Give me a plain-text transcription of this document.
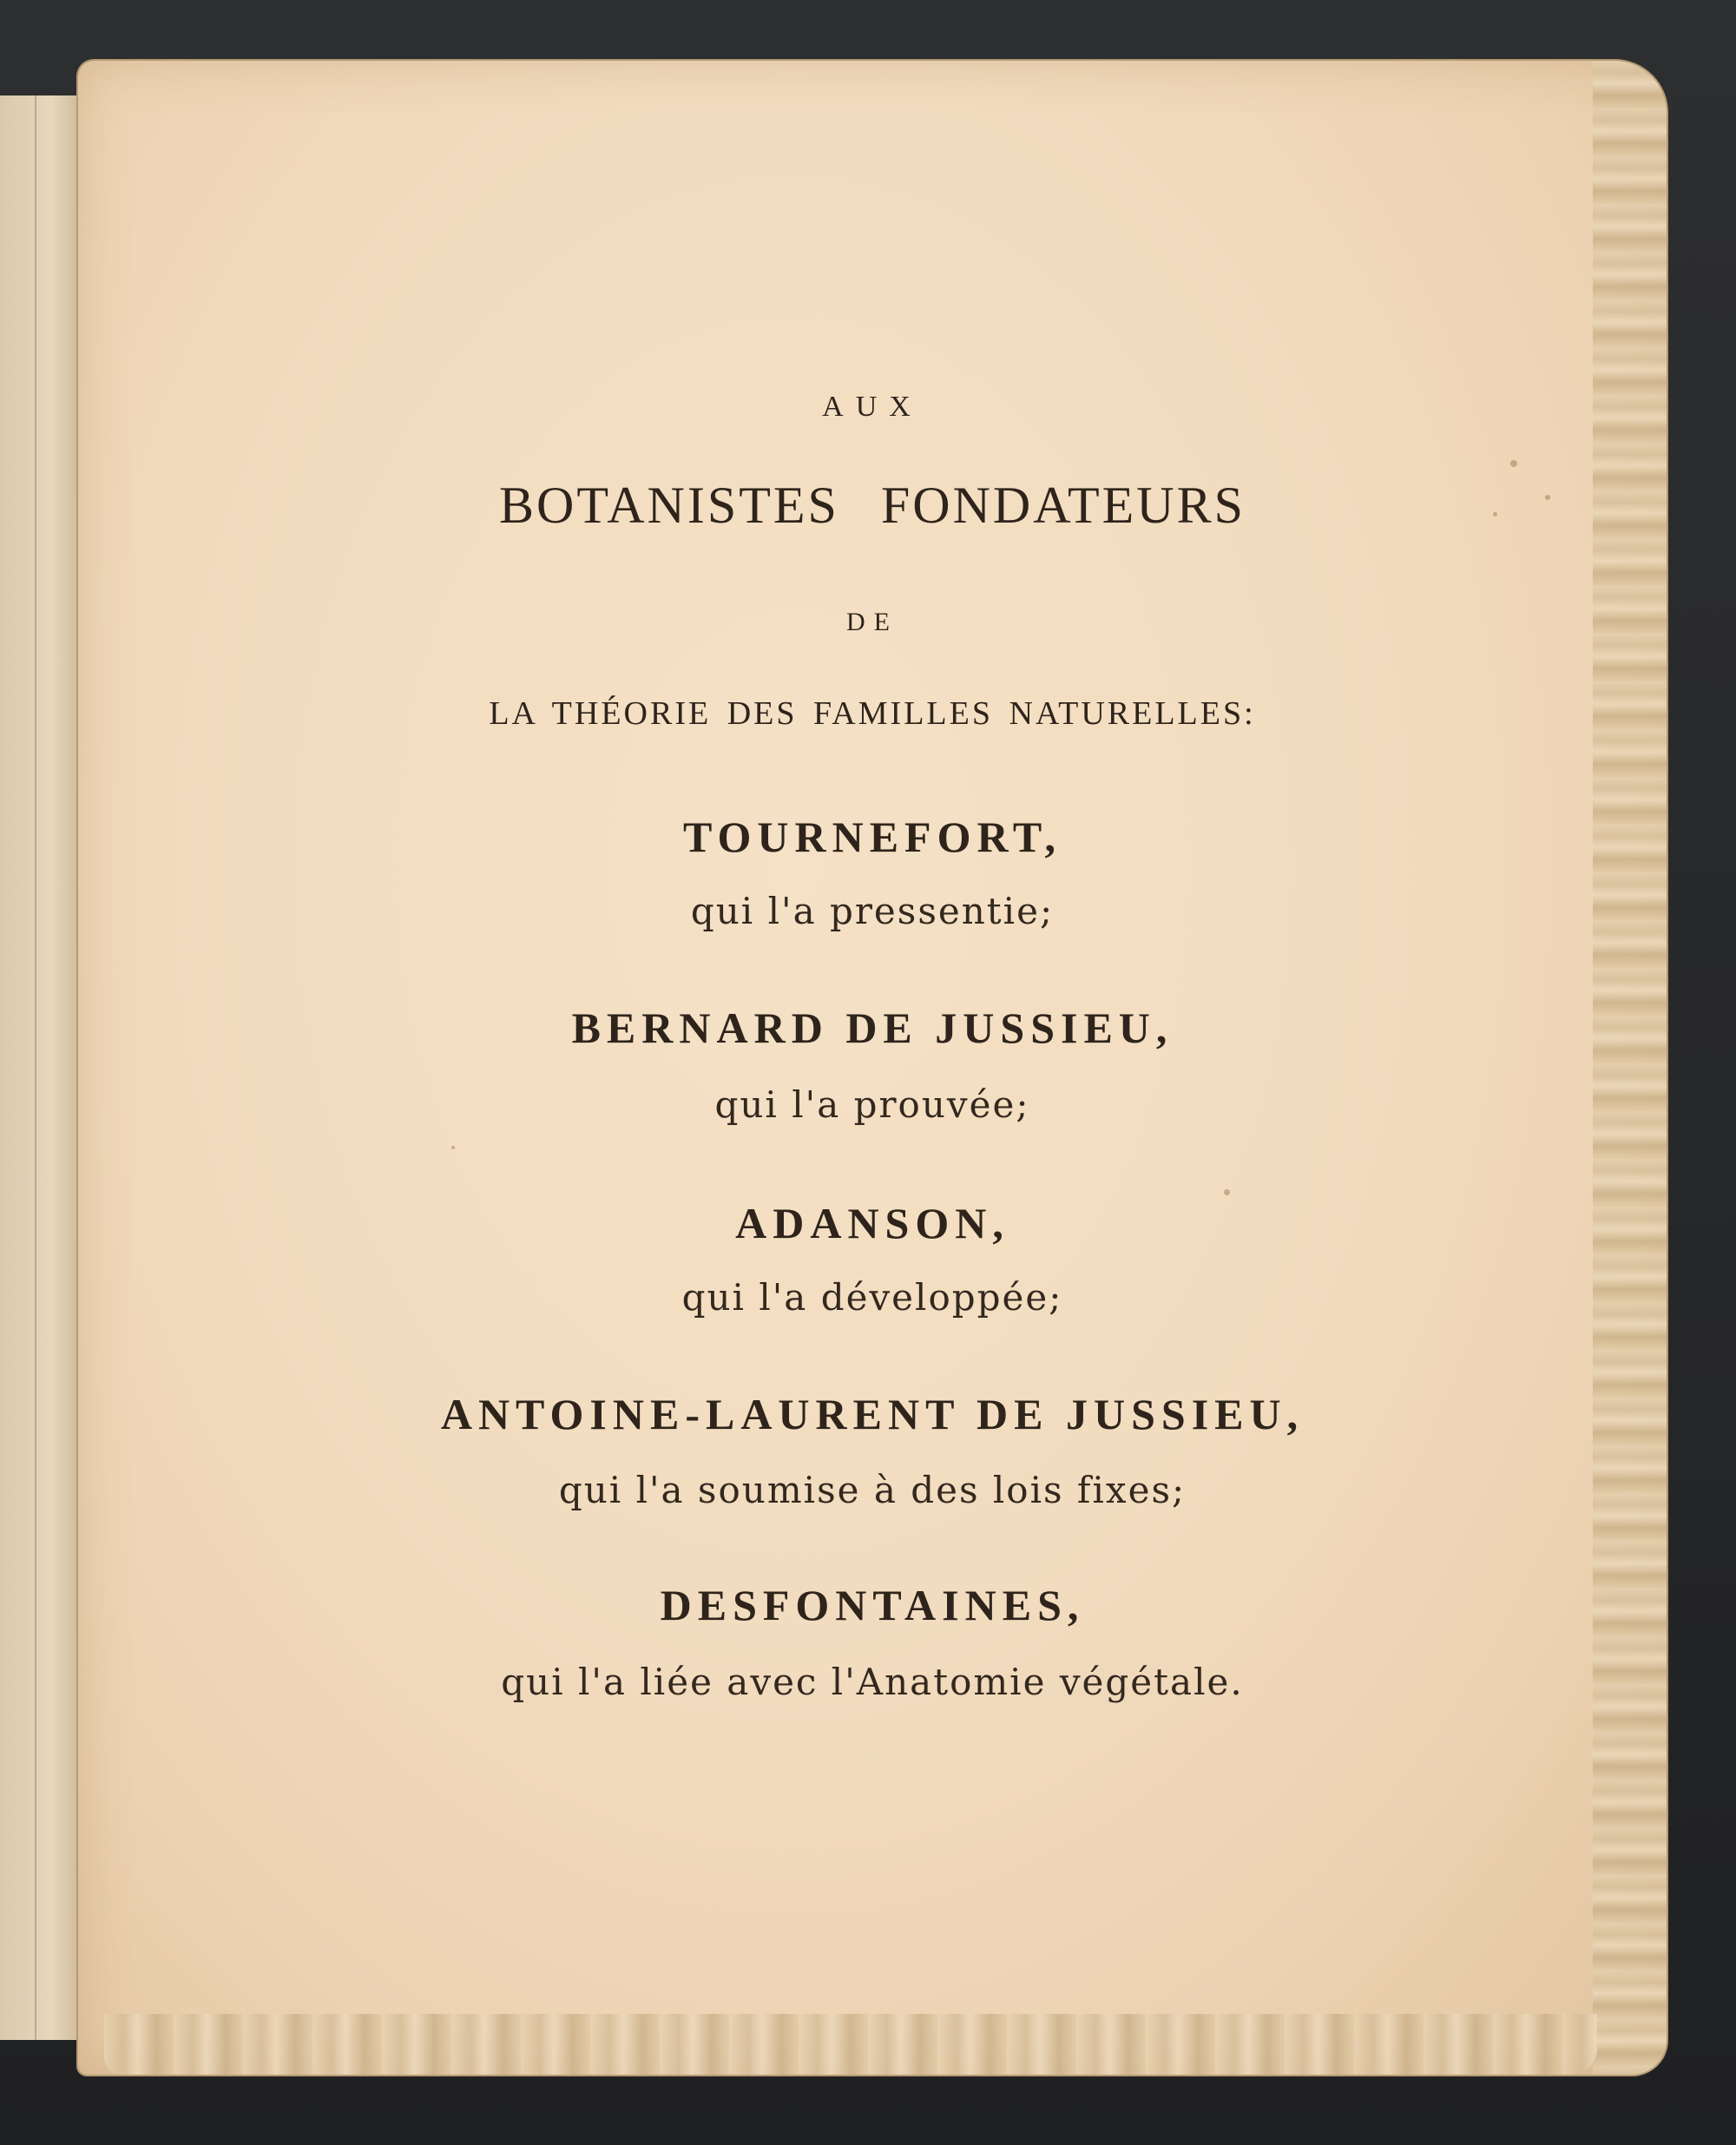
AUX
BOTANISTES FONDATEURS
DE
LA THÉORIE DES FAMILLES NATURELLES:
TOURNEFORT,
qui l'a pressentie;
BERNARD DE JUSSIEU,
qui l'a prouvée;
ADANSON,
qui l'a développée;
ANTOINE-LAURENT DE JUSSIEU,
qui l'a soumise à des lois fixes;
DESFONTAINES,
qui l'a liée avec l'Anatomie végétale.
